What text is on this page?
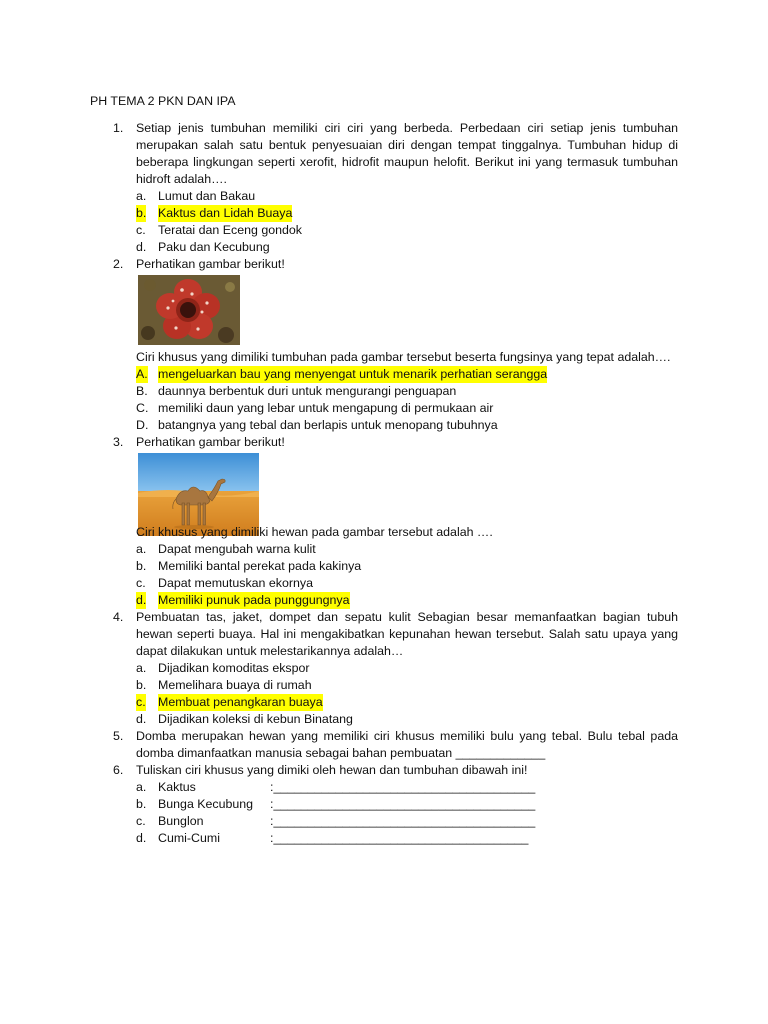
PH TEMA 2 PKN DAN IPA
1. Setiap jenis tumbuhan memiliki ciri ciri yang berbeda. Perbedaan ciri setiap jenis tumbuhan merupakan salah satu bentuk penyesuaian diri dengan tempat tinggalnya. Tumbuhan hidup di beberapa lingkungan seperti xerofit, hidrofit maupun helofit. Berikut ini yang termasuk tumbuhan hidroft adalah….
a. Lumut dan Bakau
b. Kaktus dan Lidah Buaya
c. Teratai dan Eceng gondok
d. Paku dan Kecubung
2. Perhatikan gambar berikut!
Ciri khusus yang dimiliki tumbuhan pada gambar tersebut beserta fungsinya yang tepat adalah….
A. mengeluarkan bau yang menyengat untuk menarik perhatian serangga
B. daunnya berbentuk duri untuk mengurangi penguapan
C. memiliki daun yang lebar untuk mengapung di permukaan air
D. batangnya yang tebal dan berlapis untuk menopang tubuhnya
3. Perhatikan gambar berikut!
Ciri khusus yang dimiliki hewan pada gambar tersebut adalah ….
a. Dapat mengubah warna kulit
b. Memiliki bantal perekat pada kakinya
c. Dapat memutuskan ekornya
d. Memiliki punuk pada punggungnya
4. Pembuatan tas, jaket, dompet dan sepatu kulit Sebagian besar memanfaatkan bagian tubuh hewan seperti buaya. Hal ini mengakibatkan kepunahan hewan tersebut. Salah satu upaya yang dapat dilakukan untuk melestarikannya adalah…
a. Dijadikan komoditas ekspor
b. Memelihara buaya di rumah
c. Membuat penangkaran buaya
d. Dijadikan koleksi di kebun Binatang
5. Domba merupakan hewan yang memiliki ciri khusus memiliki bulu yang tebal. Bulu tebal pada domba dimanfaatkan manusia sebagai bahan pembuatan _____________
6. Tuliskan ciri khusus yang dimiki oleh hewan dan tumbuhan dibawah ini!
a. Kaktus	:______________________________________
b. Bunga Kecubung :______________________________________
c. Bunglon	:______________________________________
d. Cumi-Cumi	:_____________________________________
